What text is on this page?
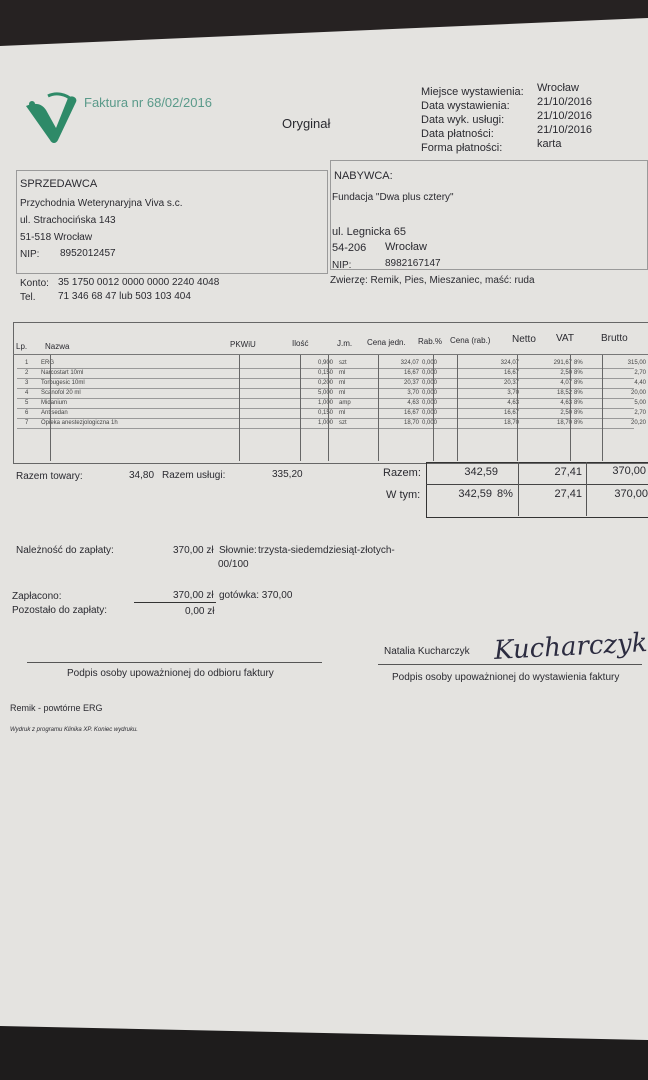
Faktura nr 68/02/2016
Oryginał
Miejsce wystawienia: Wrocław
Data wystawienia: 21/10/2016
Data wyk. usługi:	21/10/2016
Data płatności:	21/10/2016
Forma płatności:	karta
SPRZEDAWCA
Przychodnia Weterynaryjna Viva s.c.
ul. Strachocińska 143
51-518 Wrocław
NIP: 8952012457
Konto: 35 1750 0012 0000 0000 2240 4048
Tel. 71 346 68 47 lub 503 103 404
NABYWCA:
Fundacja "Dwa plus cztery"
ul. Legnicka 65
54-206 Wrocław
NIP:	8982167147
Zwierzę: Remik, Pies, Mieszaniec, maść: ruda
Lp. Nazwa	PKWiU	Ilość	J.m. Cena jedn. Rab.% Cena (rab.) Netto VAT	Brutto
1	ERG	0,900 szt	324,07 0,000	324,07	291,67 8%	315,00
2	Narcostart 10ml	0,150 ml	16,67 0,000	16,67	2,50 8%	2,70
3	Torbugesic 10ml	0,200 ml	20,37 0,000	20,37	4,07 8%	4,40
4	Scanofol 20 ml	5,000 ml	3,70 0,000	3,70	18,52 8%	20,00
5	Midanium	1,000 amp	4,63 0,000	4,63	4,63 8%	5,00
6	Antisedan	0,150 ml	16,67 0,000	16,67	2,50 8%	2,70
7	Opieka anestezjologiczna 1h	1,000 szt	18,70 0,000	18,70	18,70 8%	20,20
Razem towary:	34,80 Razem usługi:	335,20	Razem:	342,59	27,41	370,00
W tym:	342,59 8%	27,41	370,00
Należność do zapłaty:	370,00 zł Słownie: trzysta-siedemdziesiąt-złotych-
00/100
Zapłacono:	370,00 zł gotówka: 370,00
Pozostało do zapłaty:	0,00 zł
Podpis osoby upoważnionej do odbioru faktury
Natalia Kucharczyk Kucharczyk
Podpis osoby upoważnionej do wystawienia faktury
Remik - powtórne ERG
Wydruk z programu Klinika XP. Koniec wydruku.
